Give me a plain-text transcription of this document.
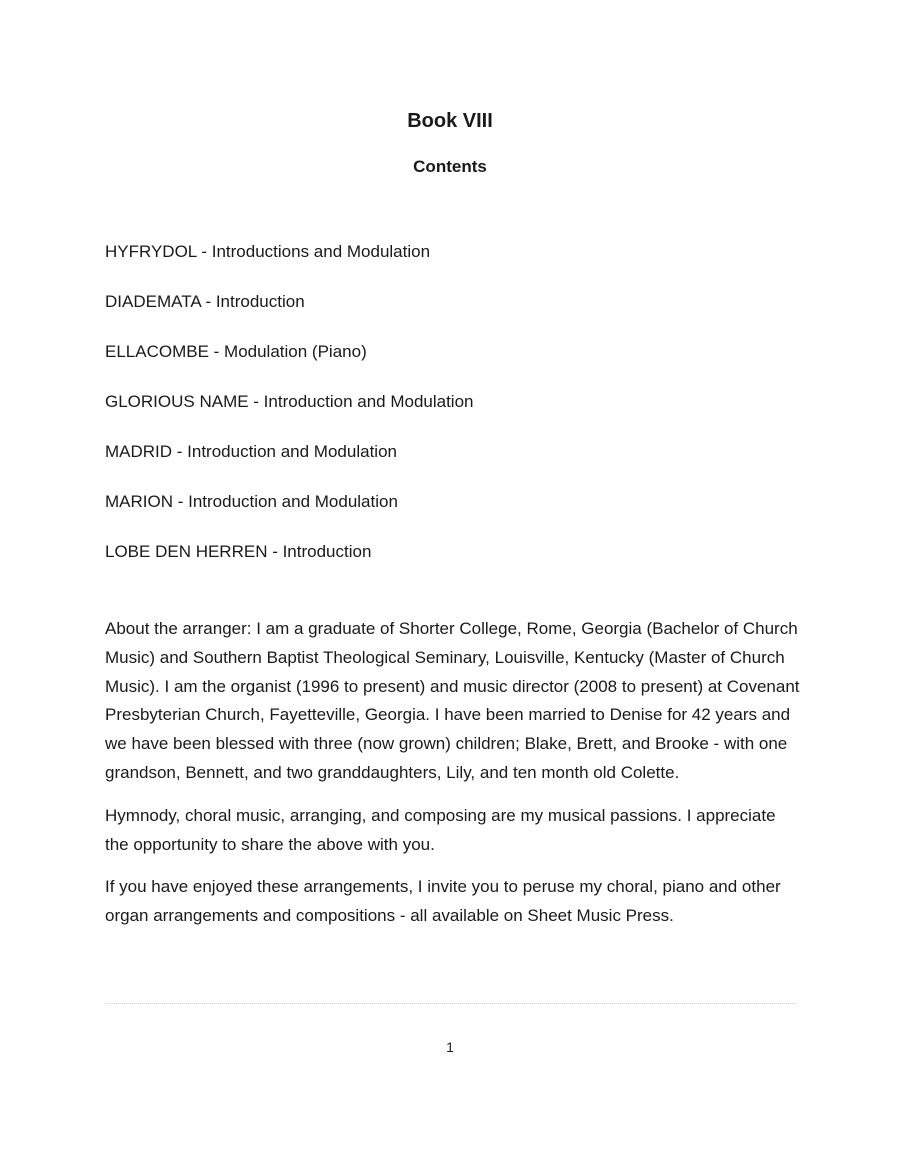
Book VIII
Contents
HYFRYDOL - Introductions and Modulation
DIADEMATA - Introduction
ELLACOMBE - Modulation (Piano)
GLORIOUS NAME - Introduction and Modulation
MADRID - Introduction and Modulation
MARION - Introduction and Modulation
LOBE DEN HERREN - Introduction

About the arranger: I am a graduate of Shorter College, Rome, Georgia (Bachelor of Church Music) and Southern Baptist Theological Seminary, Louisville, Kentucky (Master of Church Music). I am the organist (1996 to present) and music director (2008 to present) at Covenant Presbyterian Church, Fayetteville, Georgia. I have been married to Denise for 42 years and we have been blessed with three (now grown) children; Blake, Brett, and Brooke - with one grandson, Bennett, and two granddaughters, Lily, and ten month old Colette.

Hymnody, choral music, arranging, and composing are my musical passions. I appreciate the opportunity to share the above with you.

If you have enjoyed these arrangements, I invite you to peruse my choral, piano and other organ arrangements and compositions - all available on Sheet Music Press.

1
